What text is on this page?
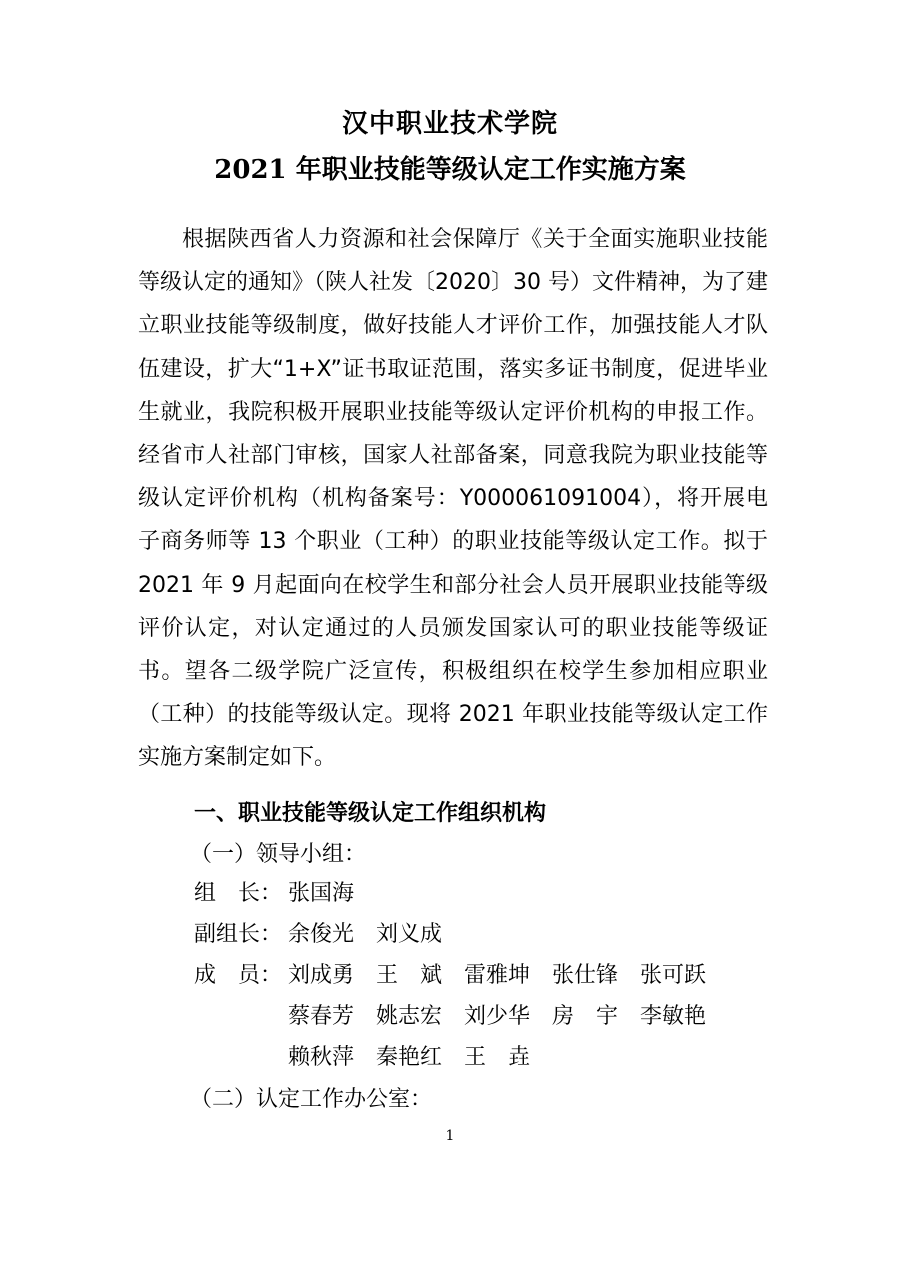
汉中职业技术学院
2021 年职业技能等级认定工作实施方案

根据陕西省人力资源和社会保障厅《关于全面实施职业技能等级认定的通知》（陕人社发〔2020〕30 号）文件精神，为了建立职业技能等级制度，做好技能人才评价工作，加强技能人才队伍建设，扩大“1+X”证书取证范围，落实多证书制度，促进毕业生就业，我院积极开展职业技能等级认定评价机构的申报工作。经省市人社部门审核，国家人社部备案，同意我院为职业技能等级认定评价机构（机构备案号：Y000061091004），将开展电子商务师等 13 个职业（工种）的职业技能等级认定工作。拟于 2021 年 9 月起面向在校学生和部分社会人员开展职业技能等级评价认定，对认定通过的人员颁发国家认可的职业技能等级证书。望各二级学院广泛宣传，积极组织在校学生参加相应职业（工种）的技能等级认定。现将 2021 年职业技能等级认定工作实施方案制定如下。

一、职业技能等级认定工作组织机构
（一）领导小组：
组　长： 张国海
副组长： 余俊光　刘义成
成　员： 刘成勇　王　斌　雷雅坤　张仕锋　张可跃
蔡春芳　姚志宏　刘少华　房　宇　李敏艳
赖秋萍　秦艳红　王　垚
（二）认定工作办公室：
1
